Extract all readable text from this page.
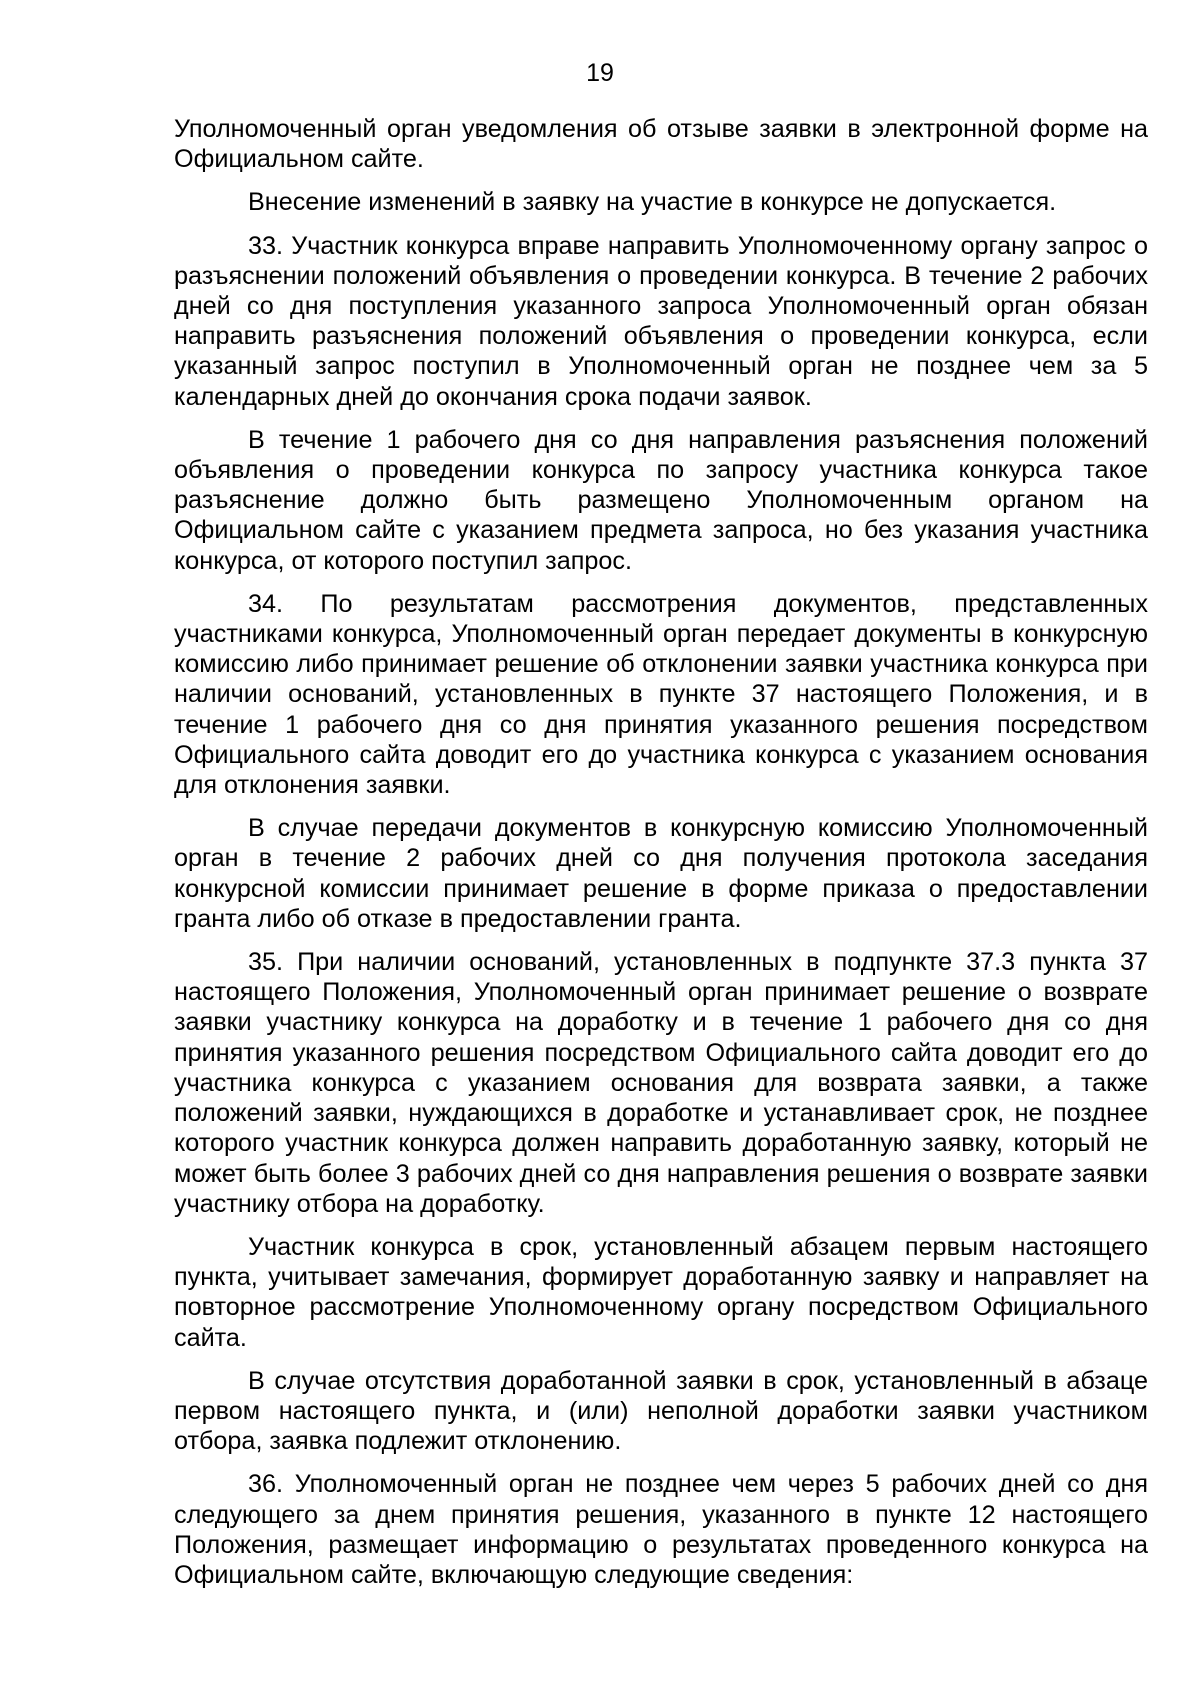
19

Уполномоченный орган уведомления об отзыве заявки в электронной форме на Официальном сайте.

Внесение изменений в заявку на участие в конкурсе не допускается.

33. Участник конкурса вправе направить Уполномоченному органу запрос о разъяснении положений объявления о проведении конкурса. В течение 2 рабочих дней со дня поступления указанного запроса Уполномоченный орган обязан направить разъяснения положений объявления о проведении конкурса, если указанный запрос поступил в Уполномоченный орган не позднее чем за 5 календарных дней до окончания срока подачи заявок.

В течение 1 рабочего дня со дня направления разъяснения положений объявления о проведении конкурса по запросу участника конкурса такое разъяснение должно быть размещено Уполномоченным органом на Официальном сайте с указанием предмета запроса, но без указания участника конкурса, от которого поступил запрос.

34. По результатам рассмотрения документов, представленных участниками конкурса, Уполномоченный орган передает документы в конкурсную комиссию либо принимает решение об отклонении заявки участника конкурса при наличии оснований, установленных в пункте 37 настоящего Положения, и в течение 1 рабочего дня со дня принятия указанного решения посредством Официального сайта доводит его до участника конкурса с указанием основания для отклонения заявки.

В случае передачи документов в конкурсную комиссию Уполномоченный орган в течение 2 рабочих дней со дня получения протокола заседания конкурсной комиссии принимает решение в форме приказа о предоставлении гранта либо об отказе в предоставлении гранта.

35. При наличии оснований, установленных в подпункте 37.3 пункта 37 настоящего Положения, Уполномоченный орган принимает решение о возврате заявки участнику конкурса на доработку и в течение 1 рабочего дня со дня принятия указанного решения посредством Официального сайта доводит его до участника конкурса с указанием основания для возврата заявки, а также положений заявки, нуждающихся в доработке и устанавливает срок, не позднее которого участник конкурса должен направить доработанную заявку, который не может быть более 3 рабочих дней со дня направления решения о возврате заявки участнику отбора на доработку.

Участник конкурса в срок, установленный абзацем первым настоящего пункта, учитывает замечания, формирует доработанную заявку и направляет на повторное рассмотрение Уполномоченному органу посредством Официального сайта.

В случае отсутствия доработанной заявки в срок, установленный в абзаце первом настоящего пункта, и (или) неполной доработки заявки участником отбора, заявка подлежит отклонению.

36. Уполномоченный орган не позднее чем через 5 рабочих дней со дня следующего за днем принятия решения, указанного в пункте 12 настоящего Положения, размещает информацию о результатах проведенного конкурса на Официальном сайте, включающую следующие сведения:
